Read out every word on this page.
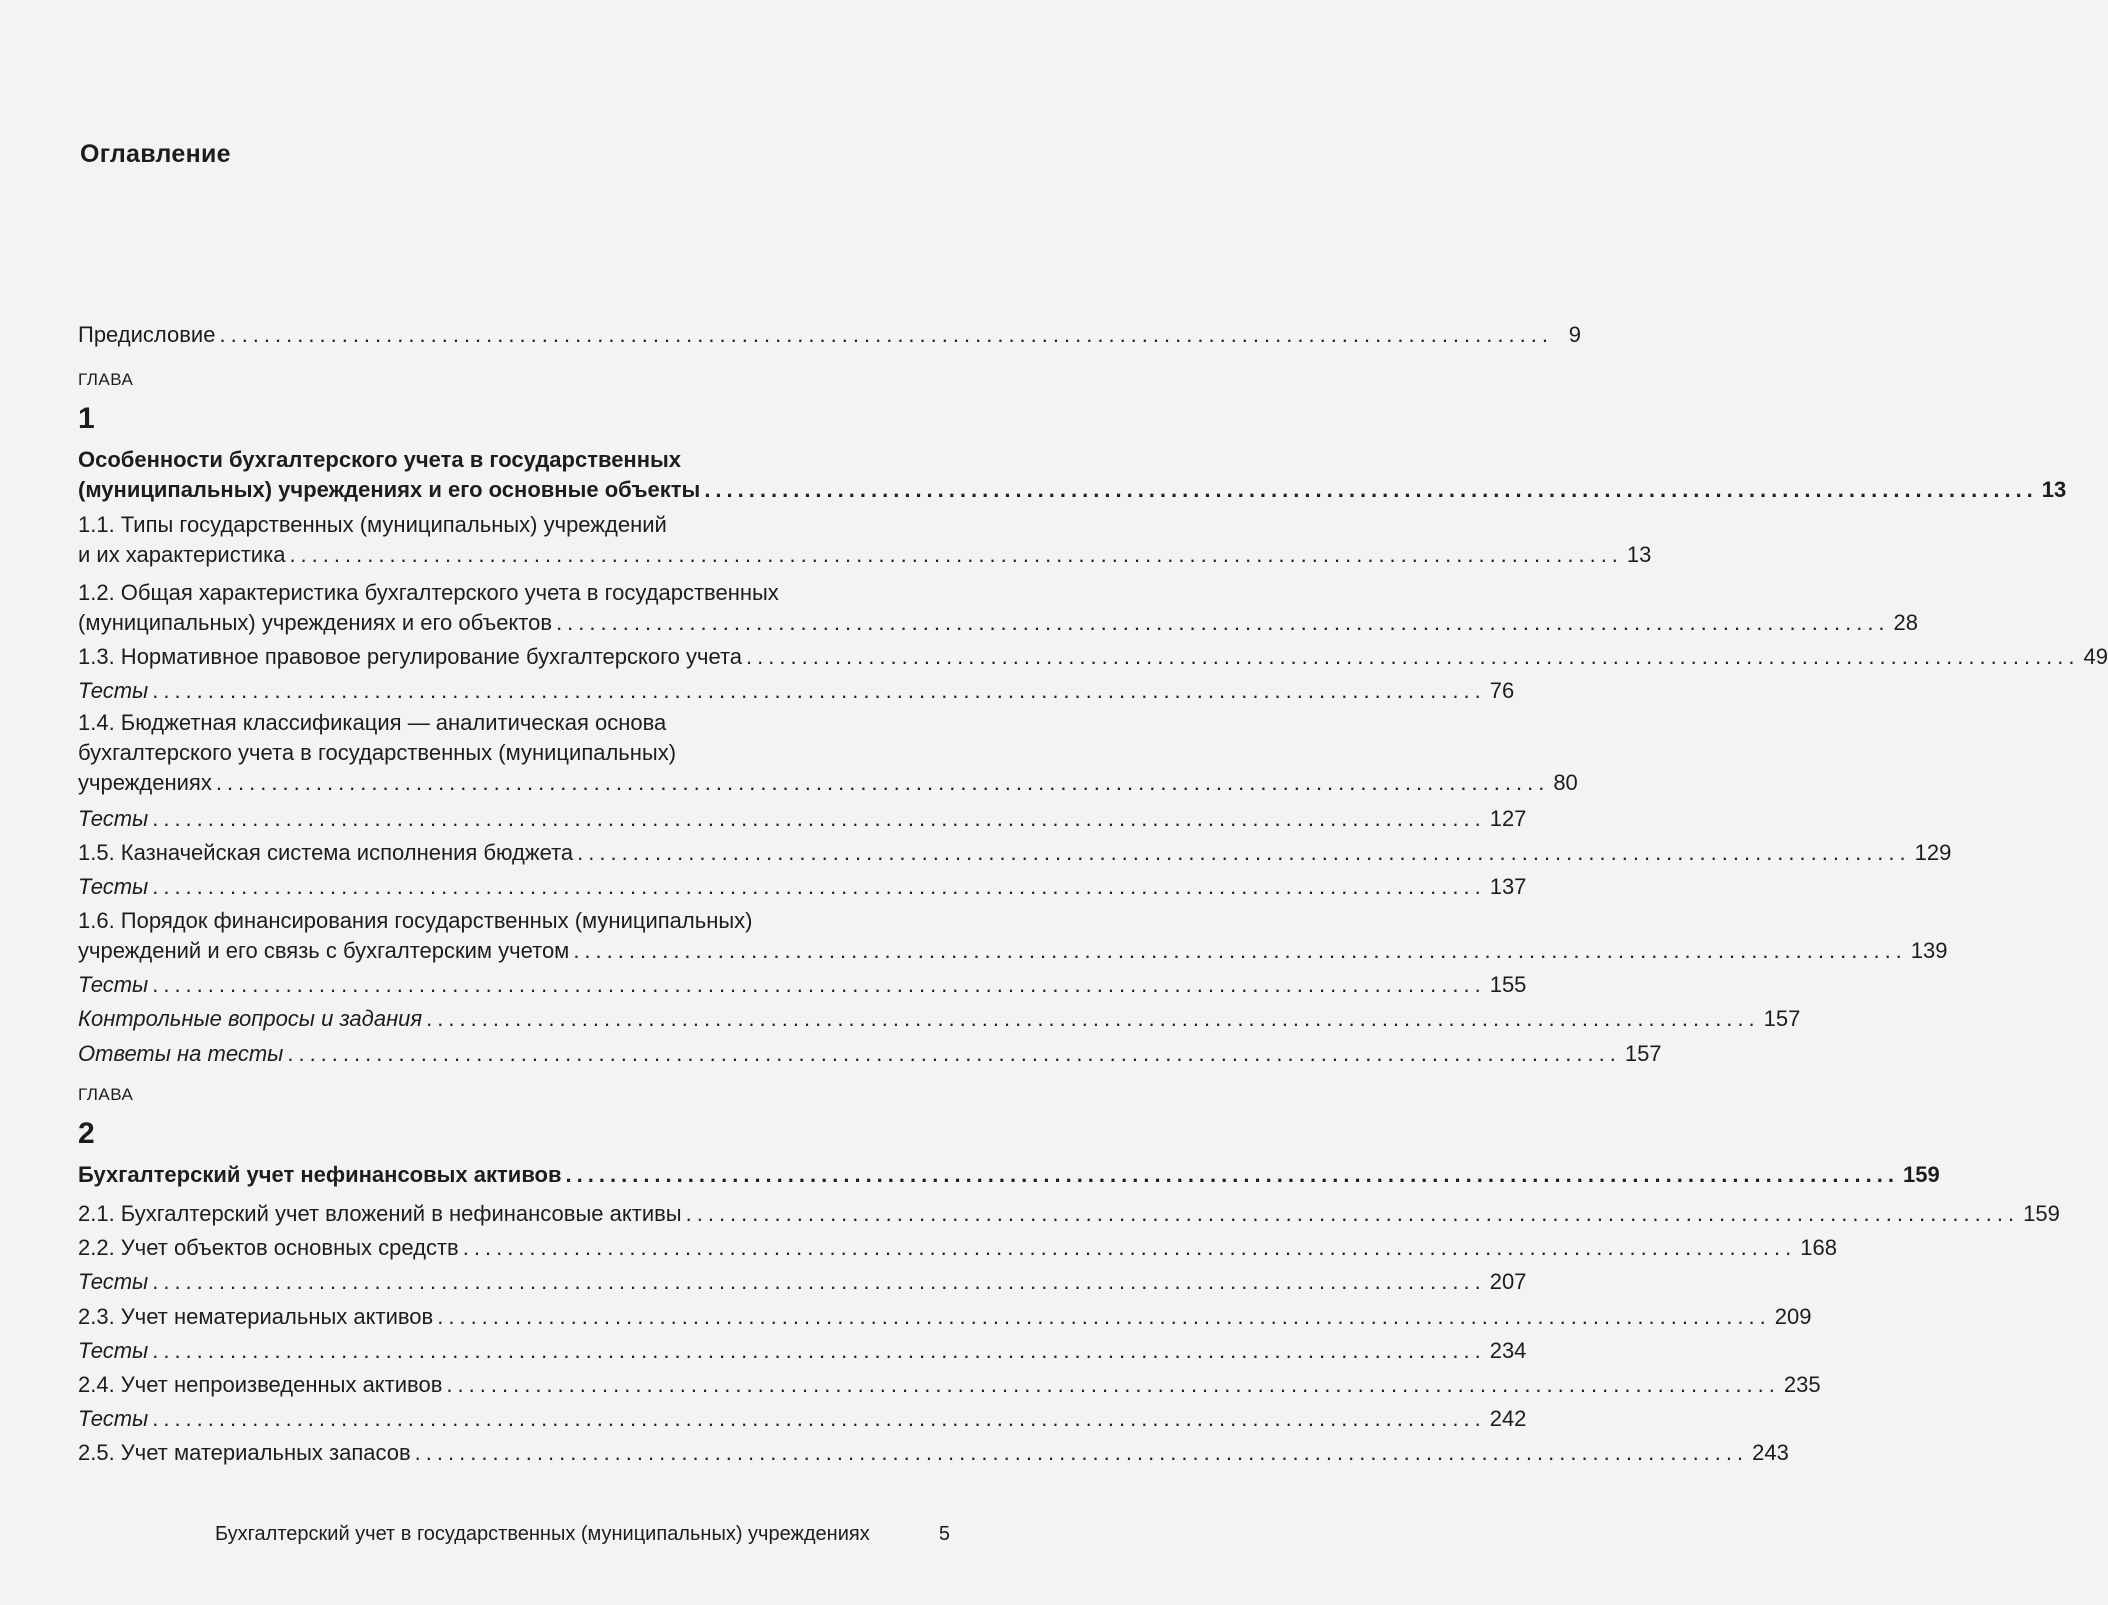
Оглавление
Предисловие ........................................................................................................................ 9
ГЛАВА
1
Особенности бухгалтерского учета в государственных
(муниципальных) учреждениях и его основные объекты ........................................................................................................................ 13
1.1. Типы государственных (муниципальных) учреждений
и их характеристика ........................................................................................................................ 13
1.2. Общая характеристика бухгалтерского учета в государственных
(муниципальных) учреждениях и его объектов ........................................................................................................................ 28
1.3. Нормативное правовое регулирование бухгалтерского учета ........................................................................................................................ 49
Тесты ........................................................................................................................ 76
1.4. Бюджетная классификация — аналитическая основа
бухгалтерского учета в государственных (муниципальных)
учреждениях ........................................................................................................................ 80
Тесты ........................................................................................................................ 127
1.5. Казначейская система исполнения бюджета ........................................................................................................................ 129
Тесты ........................................................................................................................ 137
1.6. Порядок финансирования государственных (муниципальных)
учреждений и его связь с бухгалтерским учетом ........................................................................................................................ 139
Тесты ........................................................................................................................ 155
Контрольные вопросы и задания ........................................................................................................................ 157
Ответы на тесты ........................................................................................................................ 157
ГЛАВА
2
Бухгалтерский учет нефинансовых активов ........................................................................................................................ 159
2.1. Бухгалтерский учет вложений в нефинансовые активы ........................................................................................................................ 159
2.2. Учет объектов основных средств ........................................................................................................................ 168
Тесты ........................................................................................................................ 207
2.3. Учет нематериальных активов ........................................................................................................................ 209
Тесты ........................................................................................................................ 234
2.4. Учет непроизведенных активов ........................................................................................................................ 235
Тесты ........................................................................................................................ 242
2.5. Учет материальных запасов ........................................................................................................................ 243
Бухгалтерский учет в государственных (муниципальных) учреждениях	5
